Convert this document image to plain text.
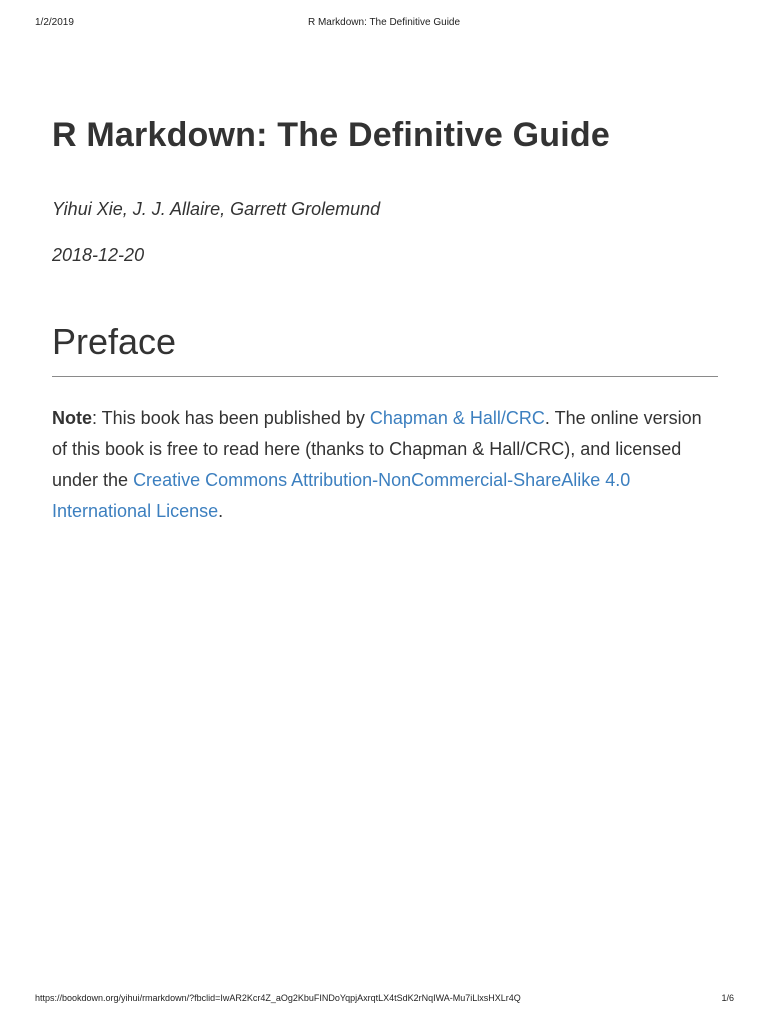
1/2/2019	R Markdown: The Definitive Guide
R Markdown: The Definitive Guide

Yihui Xie, J. J. Allaire, Garrett Grolemund

2018-12-20

Preface

Note: This book has been published by Chapman & Hall/CRC. The online version of this book is free to read here (thanks to Chapman & Hall/CRC), and licensed under the Creative Commons Attribution-NonCommercial-ShareAlike 4.0 International License.

https://bookdown.org/yihui/rmarkdown/?fbclid=IwAR2Kcr4Z_aOg2KbuFINDoYqpjAxrqtLX4tSdK2rNqIWA-Mu7iLlxsHXLr4Q	1/6
